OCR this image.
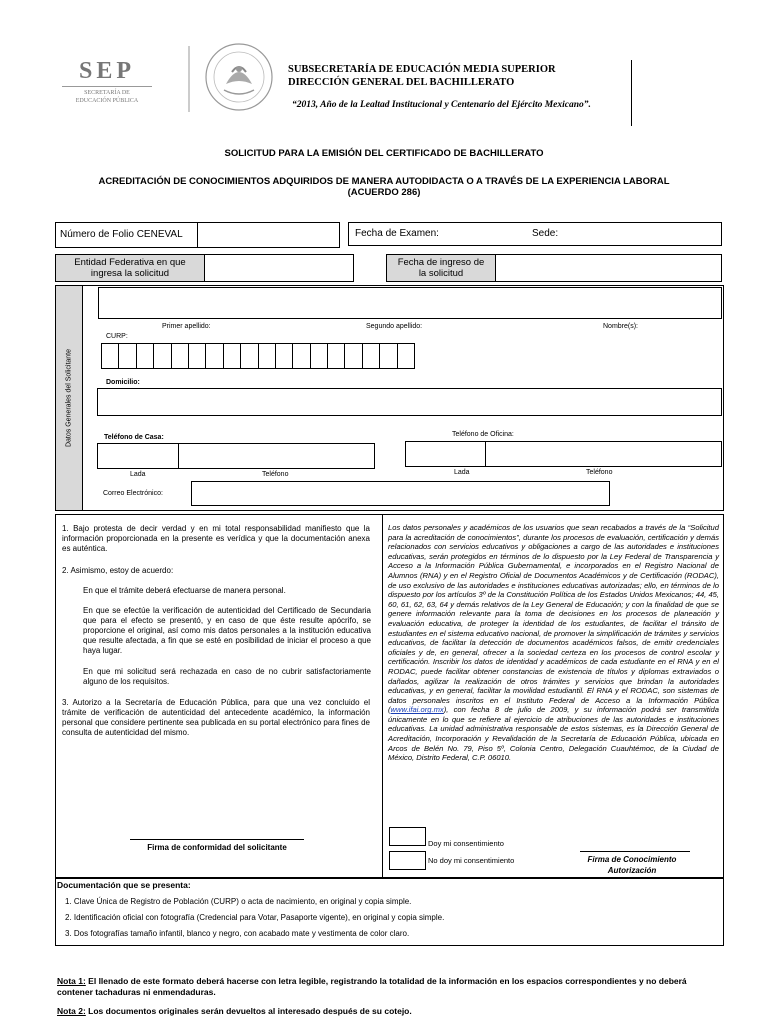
SEP
SECRETARÍA DE
EDUCACIÓN PÚBLICA
SUBSECRETARÍA DE EDUCACIÓN MEDIA SUPERIOR
DIRECCIÓN GENERAL DEL BACHILLERATO
“2013, Año de la Lealtad Institucional y Centenario del Ejército Mexicano”.
SOLICITUD PARA LA EMISIÓN DEL CERTIFICADO DE BACHILLERATO
ACREDITACIÓN DE CONOCIMIENTOS ADQUIRIDOS DE MANERA AUTODIDACTA O A TRAVÉS DE LA EXPERIENCIA LABORAL
(ACUERDO 286)
Número de Folio CENEVAL	Fecha de Examen:	Sede:
Entidad Federativa en que
ingresa la solicitud
Fecha de ingreso de
la solicitud
Datos Generales del Solicitante
Primer apellido:	Segundo apellido:	Nombre(s):
CURP:
Domicilio:
Teléfono de Casa:	Teléfono de Oficina:
Lada	Teléfono	Lada	Teléfono
Correo Electrónico:
1. Bajo protesta de decir verdad y en mi total responsabilidad manifiesto que la información proporcionada en la presente es verídica y que la documentación anexa es auténtica.
2. Asimismo, estoy de acuerdo:
En que el trámite deberá efectuarse de manera personal.
En que se efectúe la verificación de autenticidad del Certificado de Secundaria que para el efecto se presentó, y en caso de que éste resulte apócrifo, se proporcione el original, así como mis datos personales a la institución educativa que resulte afectada, a fin que se esté en posibilidad de iniciar el proceso a que haya lugar.
En que mi solicitud será rechazada en caso de no cubrir satisfactoriamente alguno de los requisitos.
3. Autorizo a la Secretaría de Educación Pública, para que una vez concluido el trámite de verificación de autenticidad del antecedente académico, la información personal que considere pertinente sea publicada en su portal electrónico para fines de consulta de autenticidad del mismo.
Firma de conformidad del solicitante
Los datos personales y académicos de los usuarios que sean recabados a través de la “Solicitud para la acreditación de conocimientos”, durante los procesos de evaluación, certificación y demás relacionados con servicios educativos y obligaciones a cargo de las autoridades e instituciones educativas, serán protegidos en términos de lo dispuesto por la Ley Federal de Transparencia y Acceso a la Información Pública Gubernamental, e incorporados en el Registro Nacional de Alumnos (RNA) y en el Registro Oficial de Documentos Académicos y de Certificación (RODAC), de uso exclusivo de las autoridades e instituciones educativas autorizadas; ello, en términos de lo dispuesto por los artículos 3º de la Constitución Política de los Estados Unidos Mexicanos; 44, 45, 60, 61, 62, 63, 64 y demás relativos de la Ley General de Educación; y con la finalidad de que se genere información relevante para la toma de decisiones en los procesos de planeación y evaluación educativa, de proteger la identidad de los estudiantes, de facilitar el tránsito de estudiantes en el sistema educativo nacional, de promover la simplificación de trámites y servicios educativos, de facilitar la detección de documentos académicos falsos, de emitir credenciales oficiales y de, en general, ofrecer a la sociedad certeza en los procesos de control escolar y certificación. Inscribir los datos de identidad y académicos de cada estudiante en el RNA y en el RODAC, puede facilitar obtener constancias de existencia de títulos y diplomas extraviados o dañados, agilizar la realización de otros trámites y servicios que brindan la autoridades educativas, y en general, facilitar la movilidad estudiantil. El RNA y el RODAC, son sistemas de datos personales inscritos en el Instituto Federal de Acceso a la Información Pública (www.ifai.org.mx), con fecha 8 de julio de 2009, y su información podrá ser transmitida únicamente en lo que se refiere al ejercicio de atribuciones de las autoridades e instituciones educativas. La unidad administrativa responsable de estos sistemas, es la Dirección General de Acreditación, Incorporación y Revalidación de la Secretaría de Educación Pública, ubicada en Arcos de Belén No. 79, Piso 5º, Colonia Centro, Delegación Cuauhtémoc, de la Ciudad de México, Distrito Federal, C.P. 06010.
Doy mi consentimiento
No doy mi consentimiento	Firma de Conocimiento
Autorización
Documentación que se presenta:
1. Clave Única de Registro de Población (CURP) o acta de nacimiento, en original y copia simple.
2. Identificación oficial con fotografía (Credencial para Votar, Pasaporte vigente), en original y copia simple.
3. Dos fotografías tamaño infantil, blanco y negro, con acabado mate y vestimenta de color claro.
Nota 1: El llenado de este formato deberá hacerse con letra legible, registrando la totalidad de la información en los espacios correspondientes y no deberá contener tachaduras ni enmendaduras.
Nota 2: Los documentos originales serán devueltos al interesado después de su cotejo.
